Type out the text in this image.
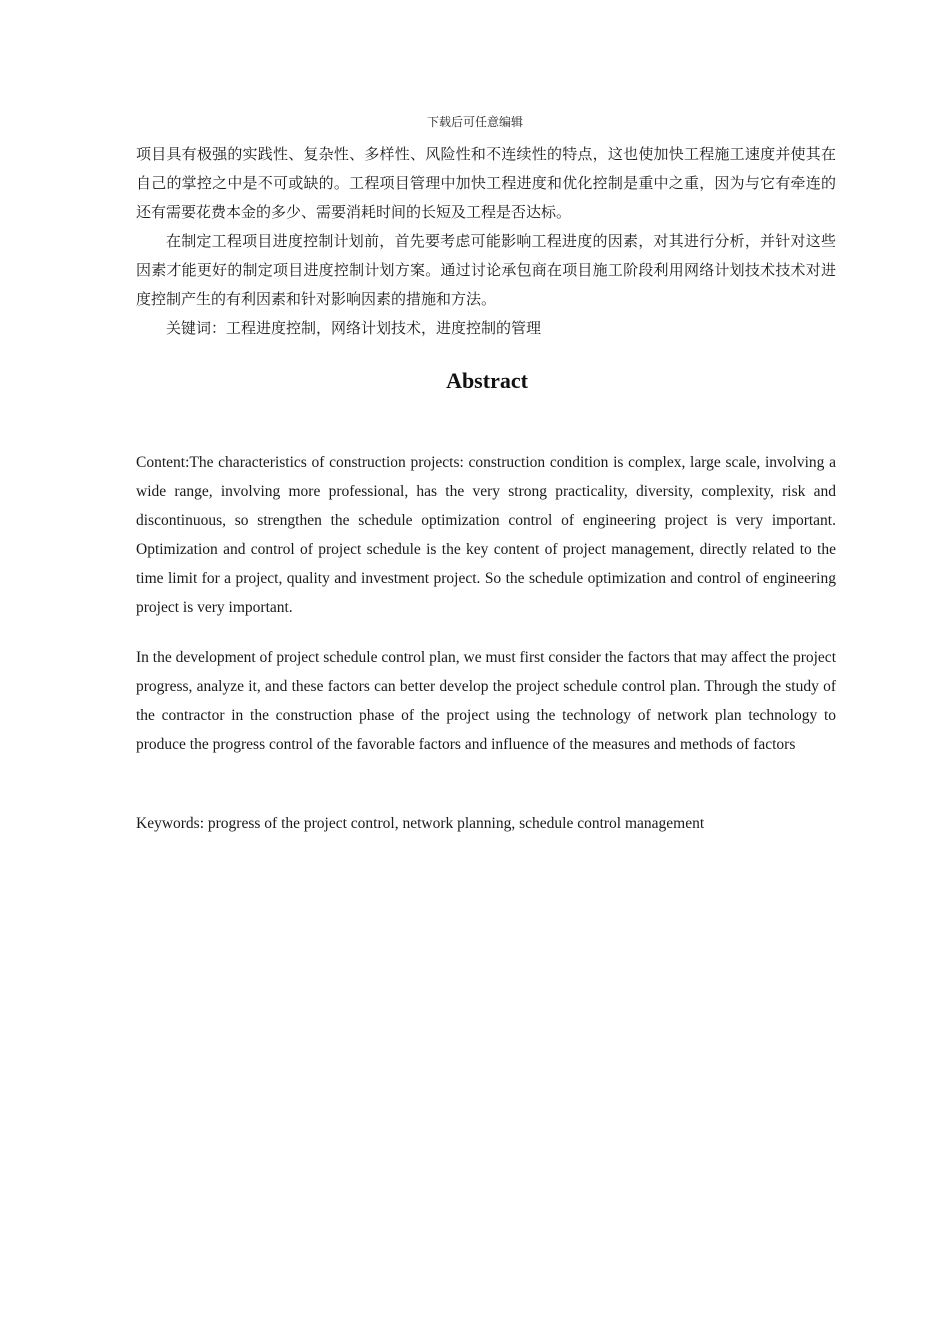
下载后可任意编辑

项目具有极强的实践性、复杂性、多样性、风险性和不连续性的特点，这也使加快工程施工速度并使其在自己的掌控之中是不可或缺的。工程项目管理中加快工程进度和优化控制是重中之重，因为与它有牵连的还有需要花费本金的多少、需要消耗时间的长短及工程是否达标。

在制定工程项目进度控制计划前，首先要考虑可能影响工程进度的因素，对其进行分析，并针对这些因素才能更好的制定项目进度控制计划方案。通过讨论承包商在项目施工阶段利用网络计划技术技术对进度控制产生的有利因素和针对影响因素的措施和方法。

关键词：工程进度控制，网络计划技术，进度控制的管理

Abstract

Content:The characteristics of construction projects: construction condition is complex, large scale, involving a wide range, involving more professional, has the very strong practicality, diversity, complexity, risk and discontinuous, so strengthen the schedule optimization control of engineering project is very important. Optimization and control of project schedule is the key content of project management, directly related to the time limit for a project, quality and investment project. So the schedule optimization and control of engineering project is very important.

In the development of project schedule control plan, we must first consider the factors that may affect the project progress, analyze it, and these factors can better develop the project schedule control plan. Through the study of the contractor in the construction phase of the project using the technology of network plan technology to produce the progress control of the favorable factors and influence of the measures and methods of factors

Keywords: progress of the project control, network planning, schedule control management
